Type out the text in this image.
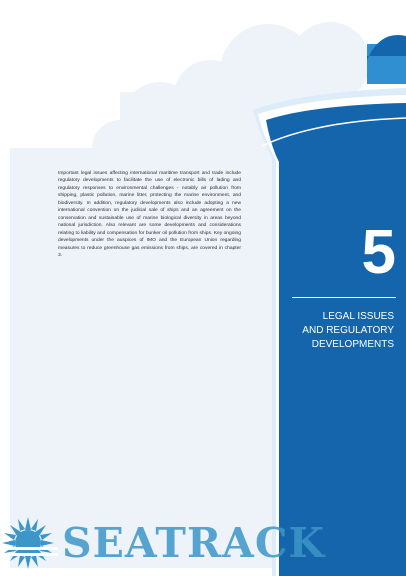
Important legal issues affecting international maritime transport and trade include regulatory developments to facilitate the use of electronic bills of lading and regulatory responses to environmental challenges - notably air pollution from shipping, plastic pollution, marine litter, protecting the marine environment, and biodiversity. In addition, regulatory developments also include adopting a new international convention on the judicial sale of ships and an agreement on the conservation and sustainable use of marine biological diversity in areas beyond national jurisdiction. Also relevant are some developments and considerations relating to liability and compensation for bunker oil pollution from ships. Key ongoing developments under the auspices of IMO and the European Union regarding measures to reduce greenhouse gas emissions from ships, are covered in chapter 3.	5

LEGAL ISSUES
AND REGULATORY
DEVELOPMENTS

SEATRACK
